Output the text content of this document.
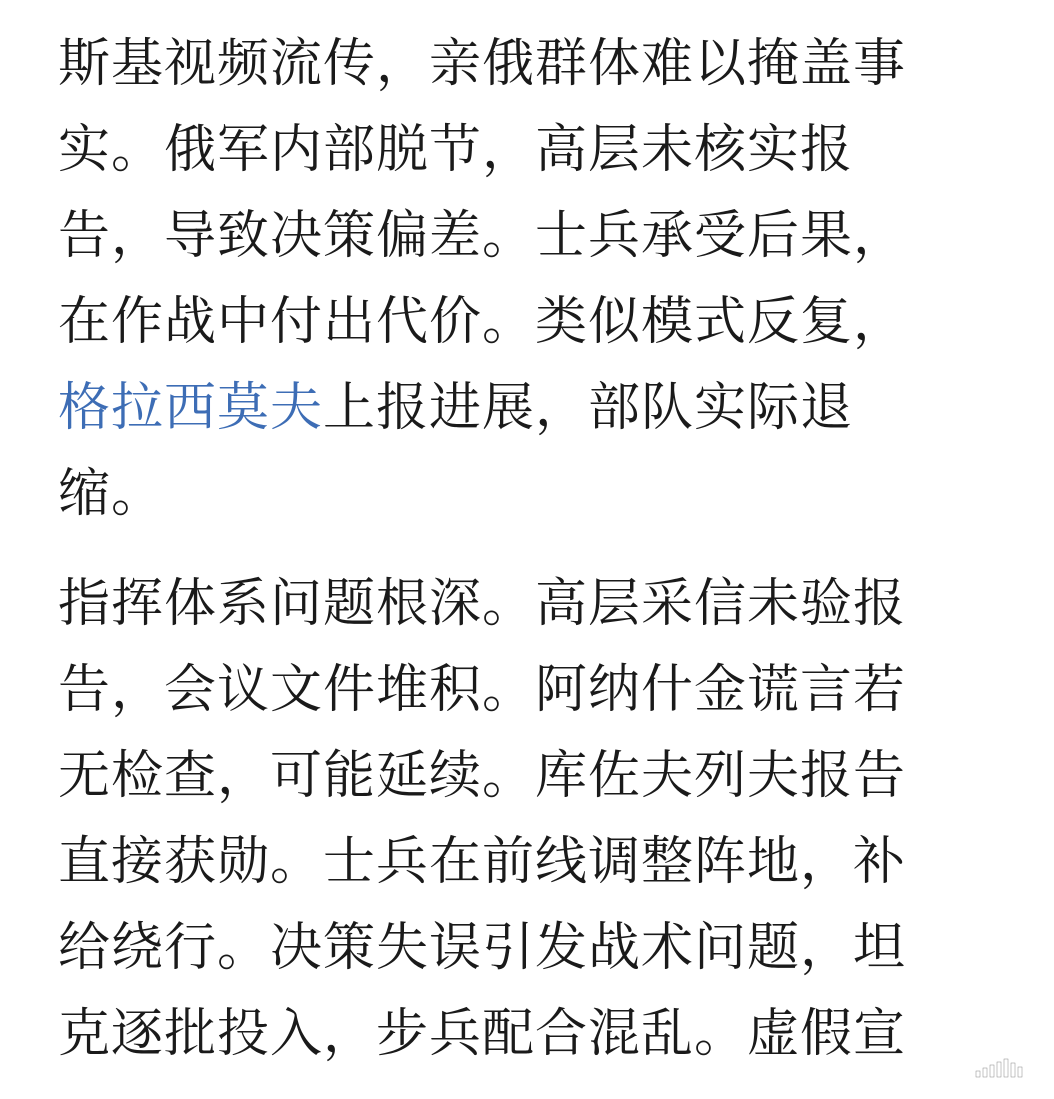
斯基视频流传，亲俄群体难以掩盖事
实。俄军内部脱节，高层未核实报
告，导致决策偏差。士兵承受后果，
在作战中付出代价。类似模式反复，
格拉西莫夫上报进展，部队实际退
缩。
指挥体系问题根深。高层采信未验报
告，会议文件堆积。阿纳什金谎言若
无检查，可能延续。库佐夫列夫报告
直接获勋。士兵在前线调整阵地，补
给绕行。决策失误引发战术问题，坦
克逐批投入，步兵配合混乱。虚假宣
